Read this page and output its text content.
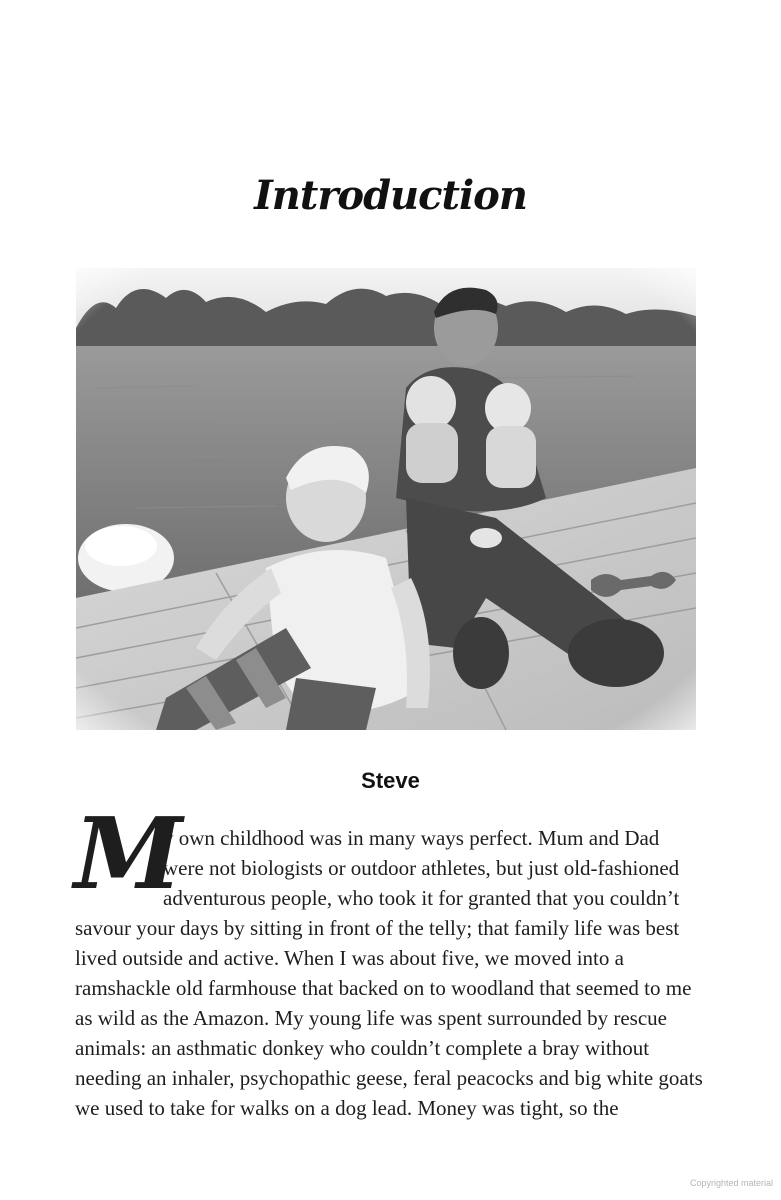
Introduction
Steve
M
y own childhood was in many ways perfect. Mum and Dad
were not biologists or outdoor athletes, but just old-fashioned
adventurous people, who took it for granted that you couldn’t
savour your days by sitting in front of the telly; that family life was best
lived outside and active. When I was about five, we moved into a
ramshackle old farmhouse that backed on to woodland that seemed to me
as wild as the Amazon. My young life was spent surrounded by rescue
animals: an asthmatic donkey who couldn’t complete a bray without
needing an inhaler, psychopathic geese, feral peacocks and big white goats
we used to take for walks on a dog lead. Money was tight, so the
Copyrighted material
